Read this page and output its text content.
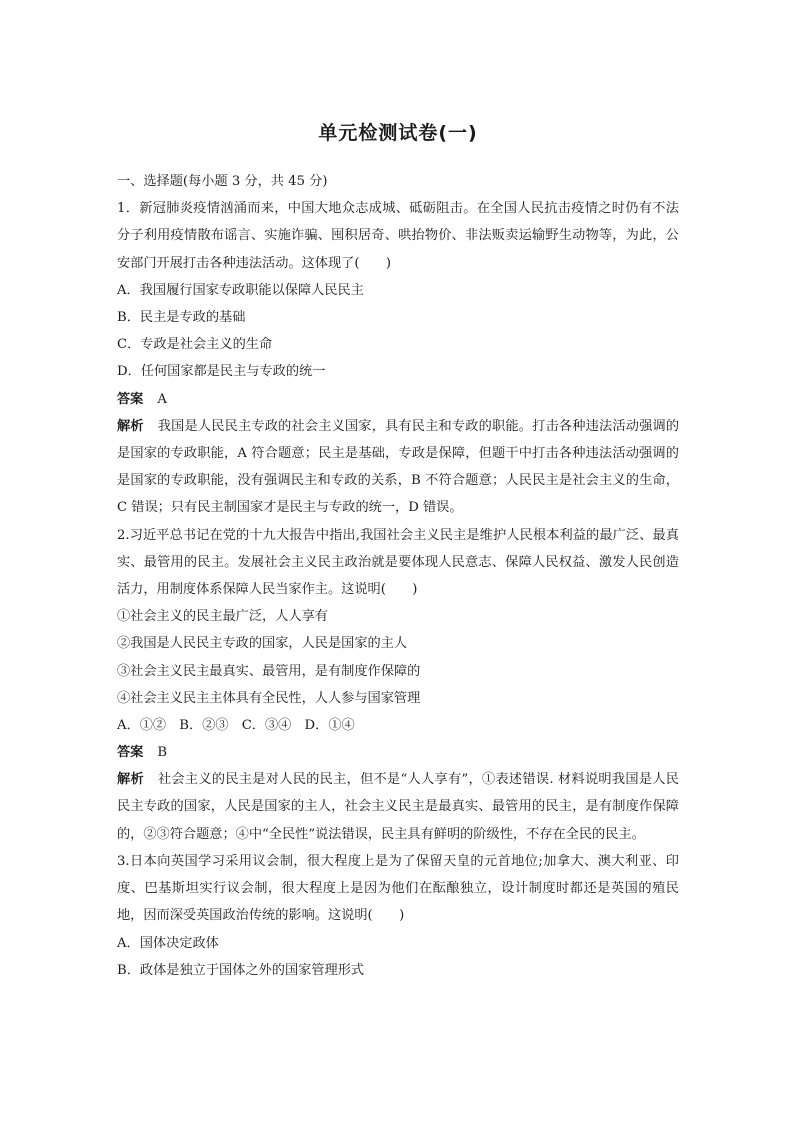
单元检测试卷(一)
一、选择题(每小题 3 分，共 45 分)
1．新冠肺炎疫情汹涌而来，中国大地众志成城、砥砺阻击。在全国人民抗击疫情之时仍有不法分子利用疫情散布谣言、实施诈骗、囤积居奇、哄抬物价、非法贩卖运输野生动物等，为此，公安部门开展打击各种违法活动。这体现了(　　)
A．我国履行国家专政职能以保障人民民主
B．民主是专政的基础
C．专政是社会主义的生命
D．任何国家都是民主与专政的统一
答案 A
解析 我国是人民民主专政的社会主义国家，具有民主和专政的职能。打击各种违法活动强调的是国家的专政职能，A 符合题意；民主是基础，专政是保障，但题干中打击各种违法活动强调的是国家的专政职能，没有强调民主和专政的关系，B 不符合题意；人民民主是社会主义的生命，C 错误；只有民主制国家才是民主与专政的统一，D 错误。
2.习近平总书记在党的十九大报告中指出,我国社会主义民主是维护人民根本利益的最广泛、最真实、最管用的民主。发展社会主义民主政治就是要体现人民意志、保障人民权益、激发人民创造活力，用制度体系保障人民当家作主。这说明(　　)
①社会主义的民主最广泛，人人享有
②我国是人民民主专政的国家，人民是国家的主人
③社会主义民主最真实、最管用，是有制度作保障的
④社会主义民主主体具有全民性，人人参与国家管理
A．①②　B．②③　C．③④　D．①④
答案 B
解析 社会主义的民主是对人民的民主，但不是“人人享有”，①表述错误. 材料说明我国是人民民主专政的国家，人民是国家的主人，社会主义民主是最真实、最管用的民主，是有制度作保障的，②③符合题意；④中“全民性”说法错误，民主具有鲜明的阶级性，不存在全民的民主。
3.日本向英国学习采用议会制，很大程度上是为了保留天皇的元首地位;加拿大、澳大利亚、印度、巴基斯坦实行议会制，很大程度上是因为他们在酝酿独立，设计制度时都还是英国的殖民地，因而深受英国政治传统的影响。这说明(　　)
A．国体决定政体
B．政体是独立于国体之外的国家管理形式
